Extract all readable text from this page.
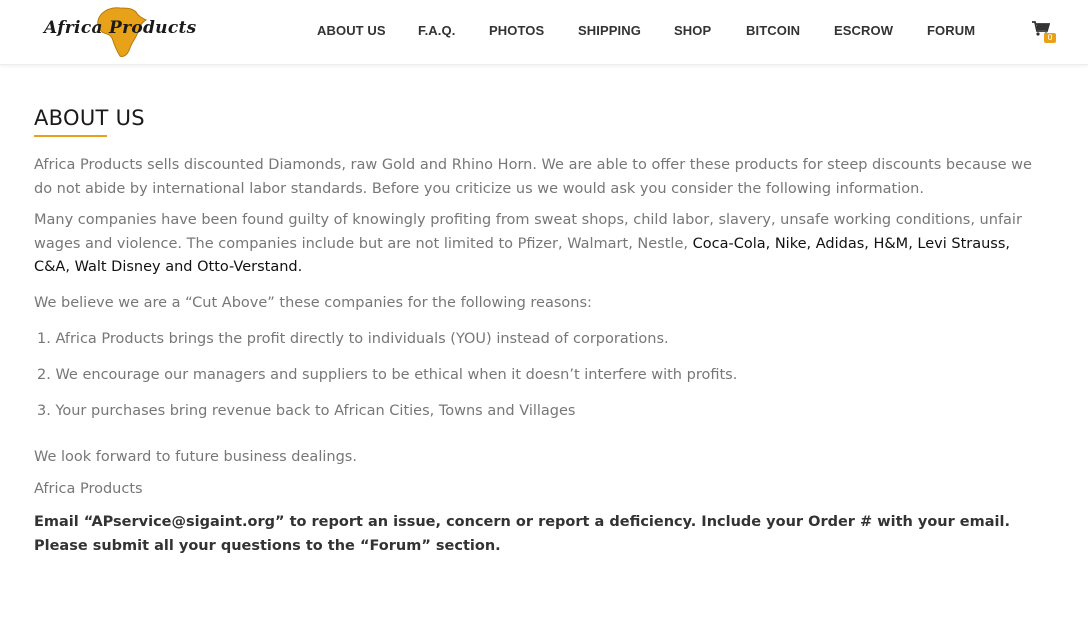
Africa Products	ABOUT US F.A.Q.	PHOTOS	SHIPPING	SHOP	BITCOIN	ESCROW	FORUM	0
ABOUT US

Africa Products sells discounted Diamonds, raw Gold and Rhino Horn. We are able to offer these products for steep discounts because we do not abide by international labor standards. Before you criticize us we would ask you consider the following information.

Many companies have been found guilty of knowingly profiting from sweat shops, child labor, slavery, unsafe working conditions, unfair wages and violence. The companies include but are not limited to Pfizer, Walmart, Nestle, Coca-Cola, Nike, Adidas, H&M, Levi Strauss, C&A, Walt Disney and Otto-Verstand.

We believe we are a “Cut Above” these companies for the following reasons:

1. Africa Products brings the profit directly to individuals (YOU) instead of corporations.
2. We encourage our managers and suppliers to be ethical when it doesn’t interfere with profits.
3. Your purchases bring revenue back to African Cities, Towns and Villages

We look forward to future business dealings.

Africa Products

Email “APservice@sigaint.org” to report an issue, concern or report a deficiency. Include your Order # with your email. Please submit all your questions to the “Forum” section.
